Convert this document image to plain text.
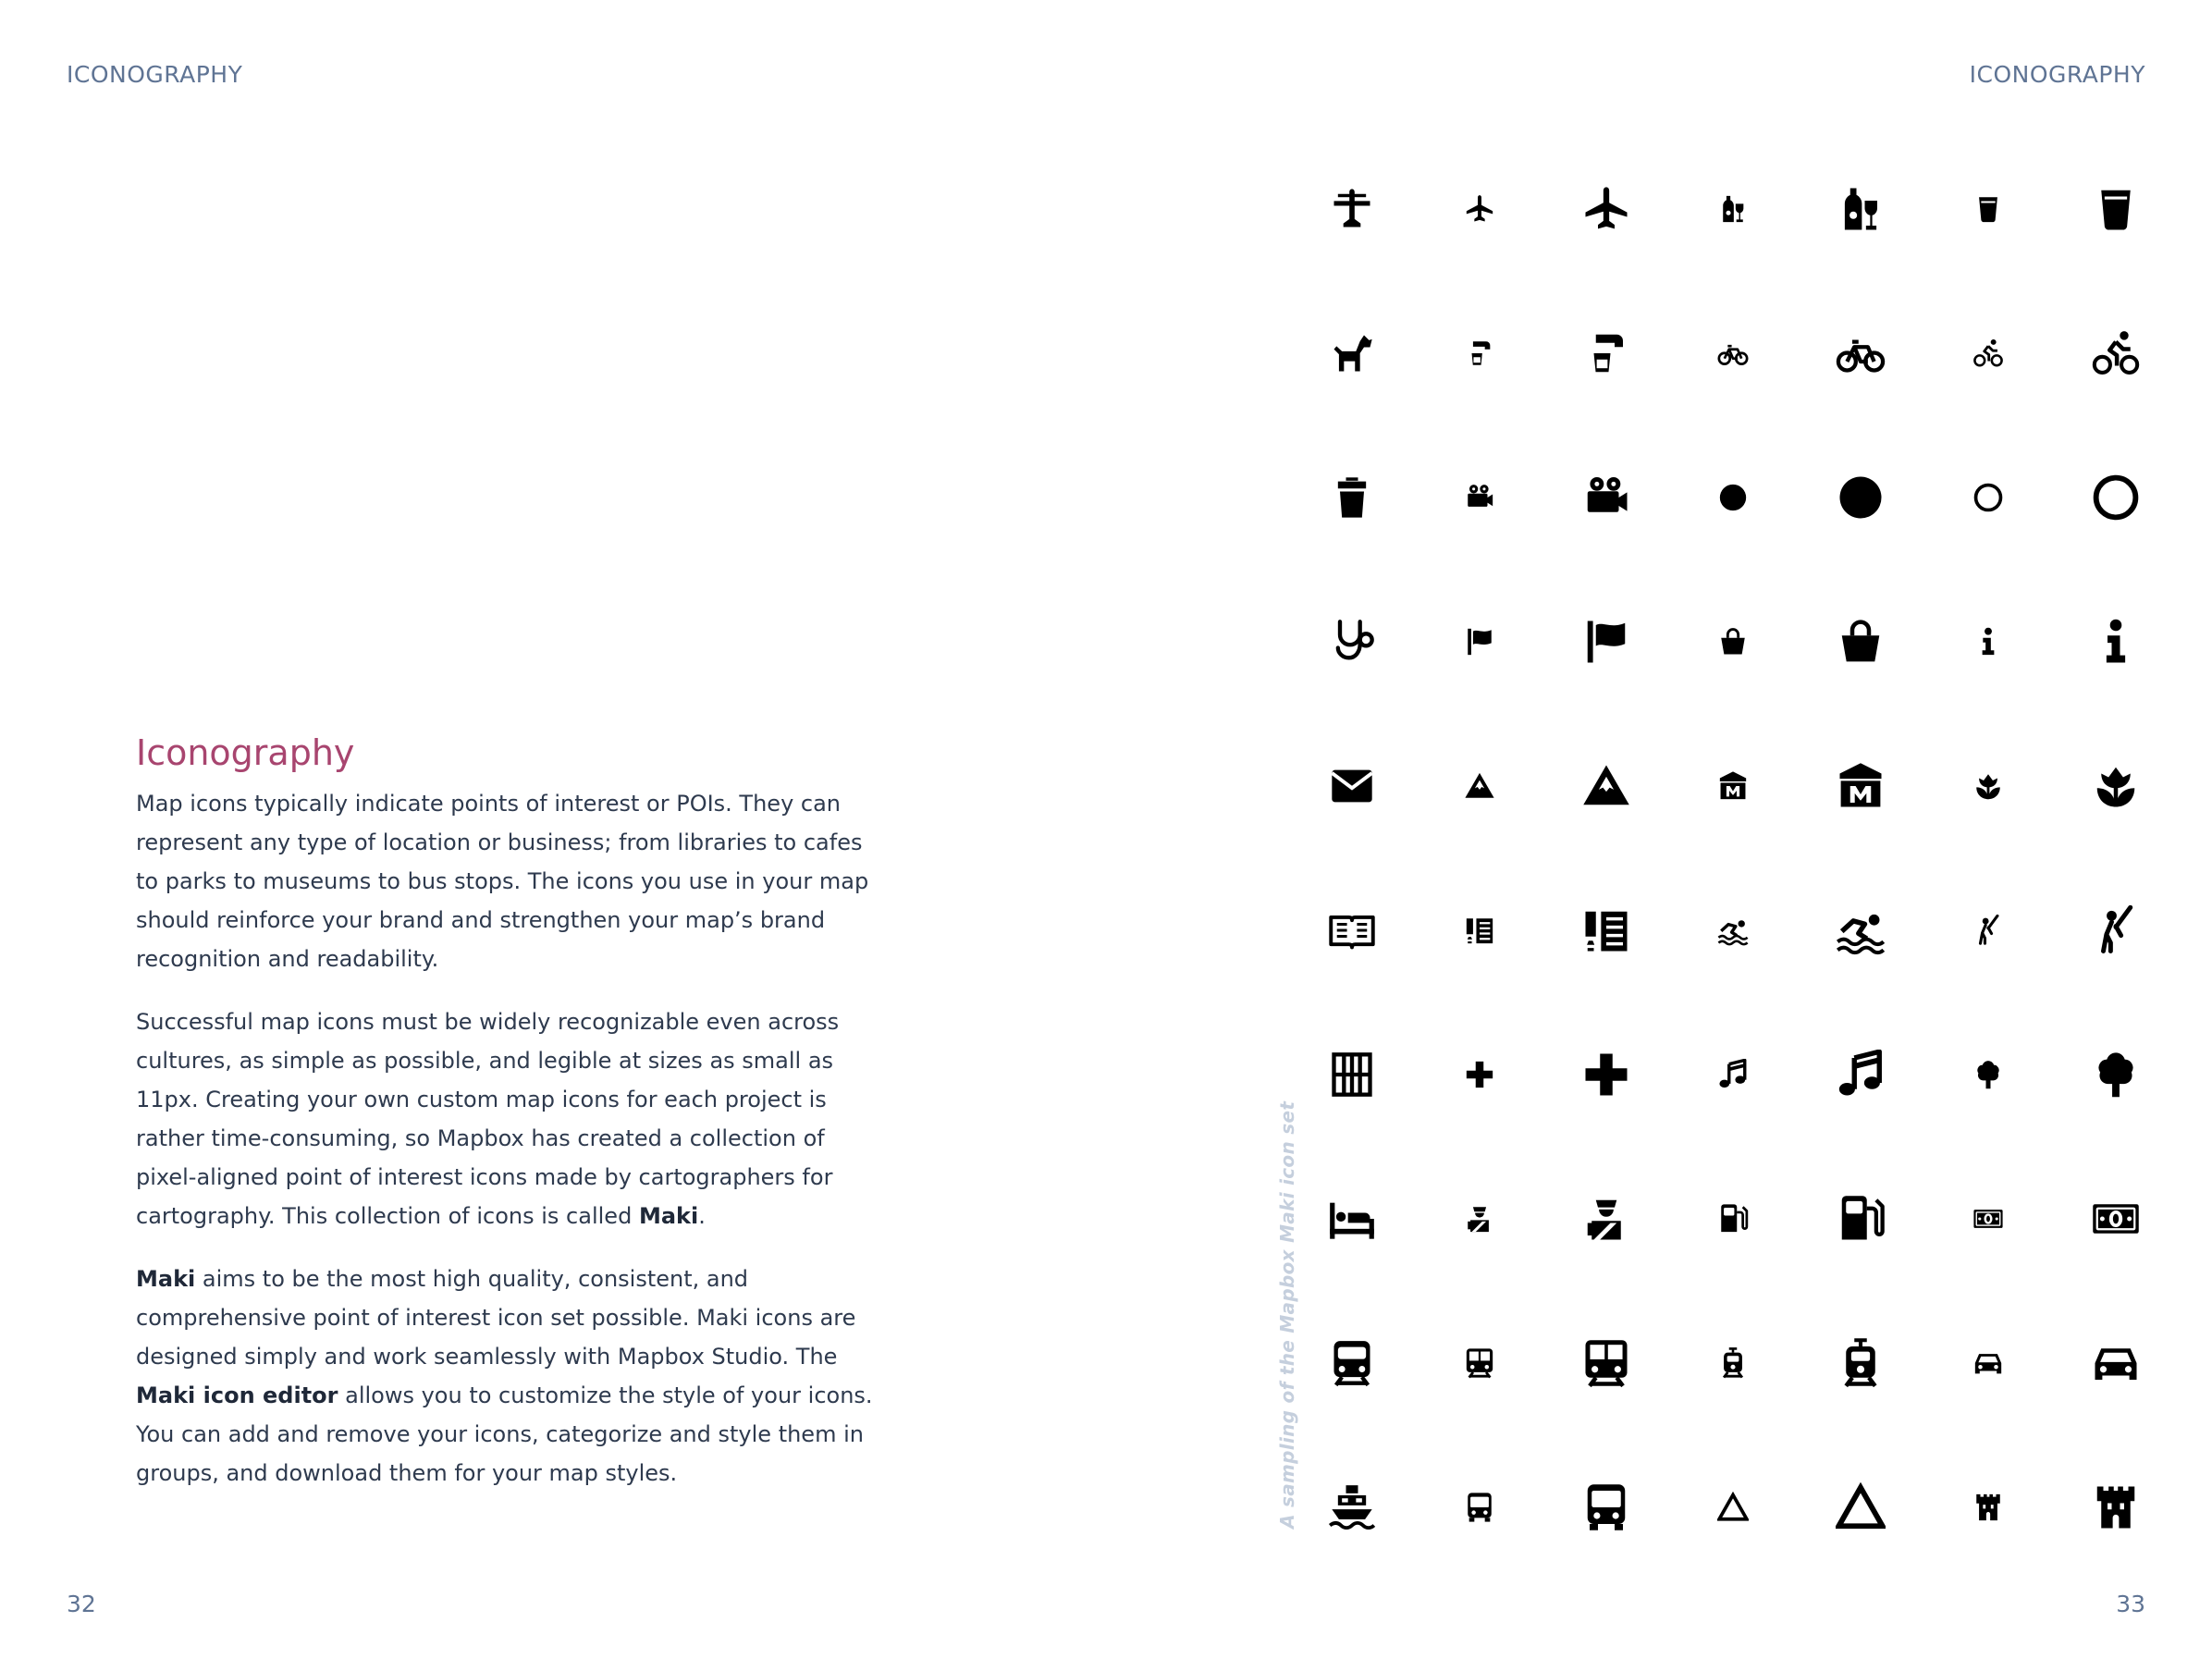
ICONOGRAPHY	ICONOGRAPHY
Iconography

Map icons typically indicate points of interest or POIs. They can represent any type of location or business; from libraries to cafes to parks to museums to bus stops. The icons you use in your map should reinforce your brand and strengthen your map’s brand recognition and readability.

Successful map icons must be widely recognizable even across cultures, as simple as possible, and legible at sizes as small as 11px. Creating your own custom map icons for each project is rather time-consuming, so Mapbox has created a collection of pixel-aligned point of interest icons made by cartographers for cartography. This collection of icons is called Maki.

Maki aims to be the most high quality, consistent, and comprehensive point of interest icon set possible. Maki icons are designed simply and work seamlessly with Mapbox Studio. The Maki icon editor allows you to customize the style of your icons. You can add and remove your icons, categorize and style them in groups, and download them for your map styles.	A sampling of the Mapbox Maki icon set
32	33
